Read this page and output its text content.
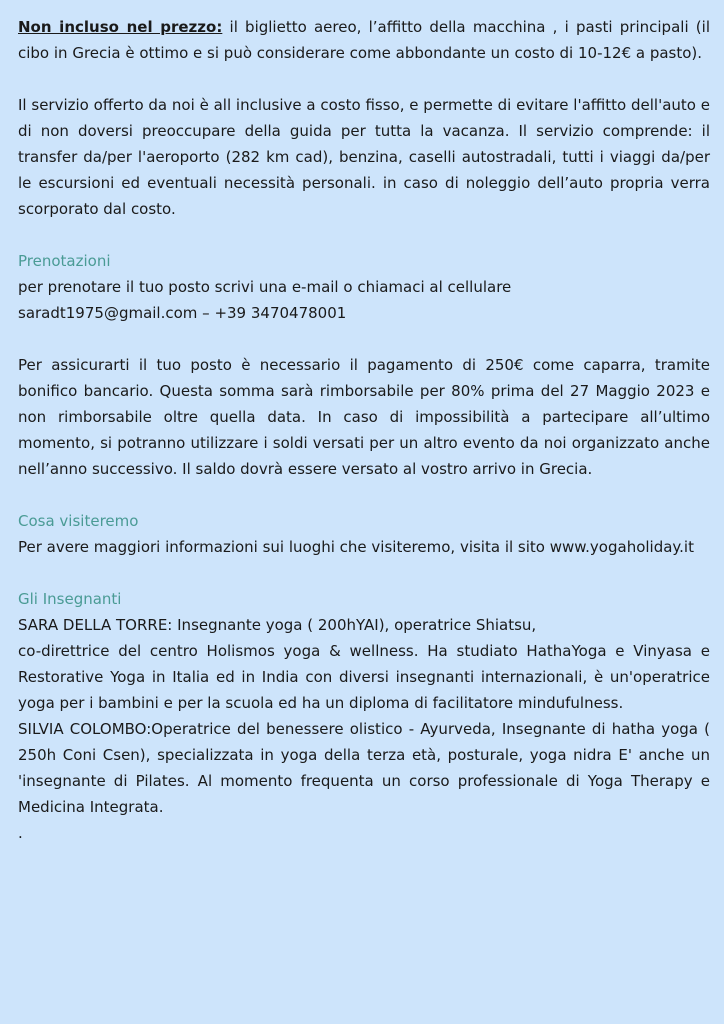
Non incluso nel prezzo: il biglietto aereo, l’affitto della macchina , i pasti principali (il cibo in Grecia è ottimo e si può considerare come abbondante un costo di 10-12€ a pasto).

Il servizio offerto da noi è all inclusive a costo fisso, e permette di evitare l'affitto dell'auto e di non doversi preoccupare della guida per tutta la vacanza. Il servizio comprende: il transfer da/per l'aeroporto (282 km cad), benzina, caselli autostradali, tutti i viaggi da/per le escursioni ed eventuali necessità personali. in caso di noleggio dell’auto propria verra scorporato dal costo.

Prenotazioni

per prenotare il tuo posto scrivi una e-mail o chiamaci al cellulare

saradt1975@gmail.com – +39 3470478001

Per assicurarti il tuo posto è necessario il pagamento di 250€ come caparra, tramite bonifico bancario. Questa somma sarà rimborsabile per 80% prima del 27 Maggio 2023 e non rimborsabile oltre quella data. In caso di impossibilità a partecipare all’ultimo momento, si potranno utilizzare i soldi versati per un altro evento da noi organizzato anche nell’anno successivo. Il saldo dovrà essere versato al vostro arrivo in Grecia.

Cosa visiteremo

Per avere maggiori informazioni sui luoghi che visiteremo, visita il sito www.yogaholiday.it

Gli Insegnanti

SARA DELLA TORRE: Insegnante yoga ( 200hYAI), operatrice Shiatsu,

co-direttrice del centro Holismos yoga & wellness. Ha studiato HathaYoga e Vinyasa e Restorative Yoga in Italia ed in India con diversi insegnanti internazionali, è un'operatrice yoga per i bambini e per la scuola ed ha un diploma di facilitatore mindufulness.

SILVIA COLOMBO:Operatrice del benessere olistico - Ayurveda, Insegnante di hatha yoga ( 250h Coni Csen), specializzata in yoga della terza età, posturale, yoga nidra E' anche un 'insegnante di Pilates. Al momento frequenta un corso professionale di Yoga Therapy e Medicina Integrata.

.
